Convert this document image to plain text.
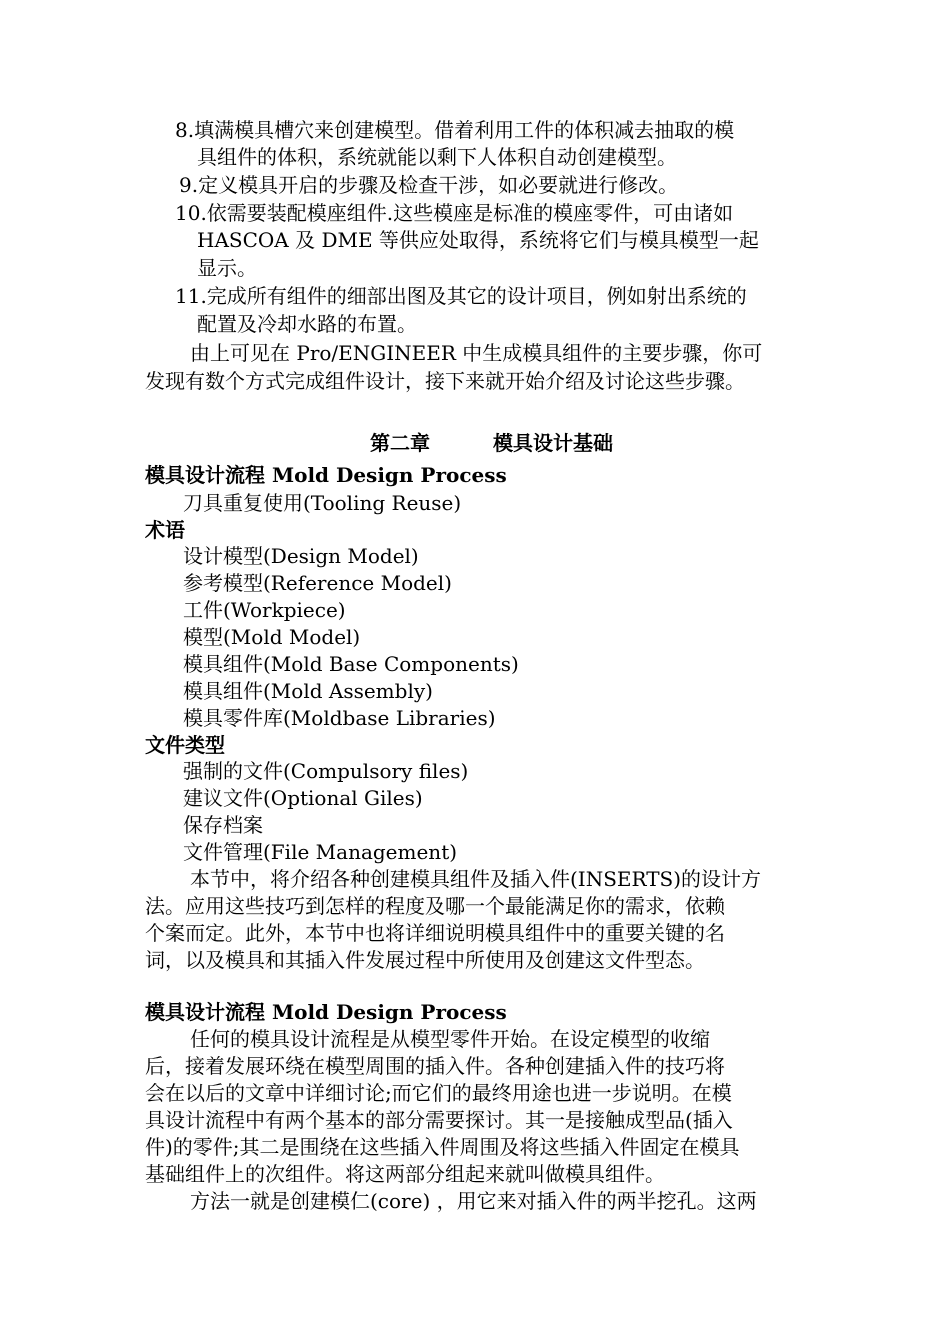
8.填满模具槽穴来创建模型。借着利用工件的体积减去抽取的模
具组件的体积，系统就能以剩下人体积自动创建模型。
9.定义模具开启的步骤及检查干涉，如必要就进行修改。
10.依需要装配模座组件.这些模座是标准的模座零件，可由诸如
HASCOA 及 DME 等供应处取得，系统将它们与模具模型一起
显示。
11.完成所有组件的细部出图及其它的设计项目，例如射出系统的
配置及冷却水路的布置。
由上可见在 Pro/ENGINEER 中生成模具组件的主要步骤，你可
发现有数个方式完成组件设计，接下来就开始介绍及讨论这些步骤。
第二章	模具设计基础
模具设计流程 Mold Design Process
刀具重复使用(Tooling Reuse)
术语
设计模型(Design Model)
参考模型(Reference Model)
工件(Workpiece)
模型(Mold Model)
模具组件(Mold Base Components)
模具组件(Mold Assembly)
模具零件库(Moldbase Libraries)
文件类型
强制的文件(Compulsory files)
建议文件(Optional Giles)
保存档案
文件管理(File Management)
本节中，将介绍各种创建模具组件及插入件(INSERTS)的设计方
法。应用这些技巧到怎样的程度及哪一个最能满足你的需求，依赖
个案而定。此外，本节中也将详细说明模具组件中的重要关键的名
词，以及模具和其插入件发展过程中所使用及创建这文件型态。
模具设计流程 Mold Design Process
任何的模具设计流程是从模型零件开始。在设定模型的收缩
后，接着发展环绕在模型周围的插入件。各种创建插入件的技巧将
会在以后的文章中详细讨论;而它们的最终用途也进一步说明。在模
具设计流程中有两个基本的部分需要探讨。其一是接触成型品(插入
件)的零件;其二是围绕在这些插入件周围及将这些插入件固定在模具
基础组件上的次组件。将这两部分组起来就叫做模具组件。
方法一就是创建模仁(core) ，用它来对插入件的两半挖孔。这两
